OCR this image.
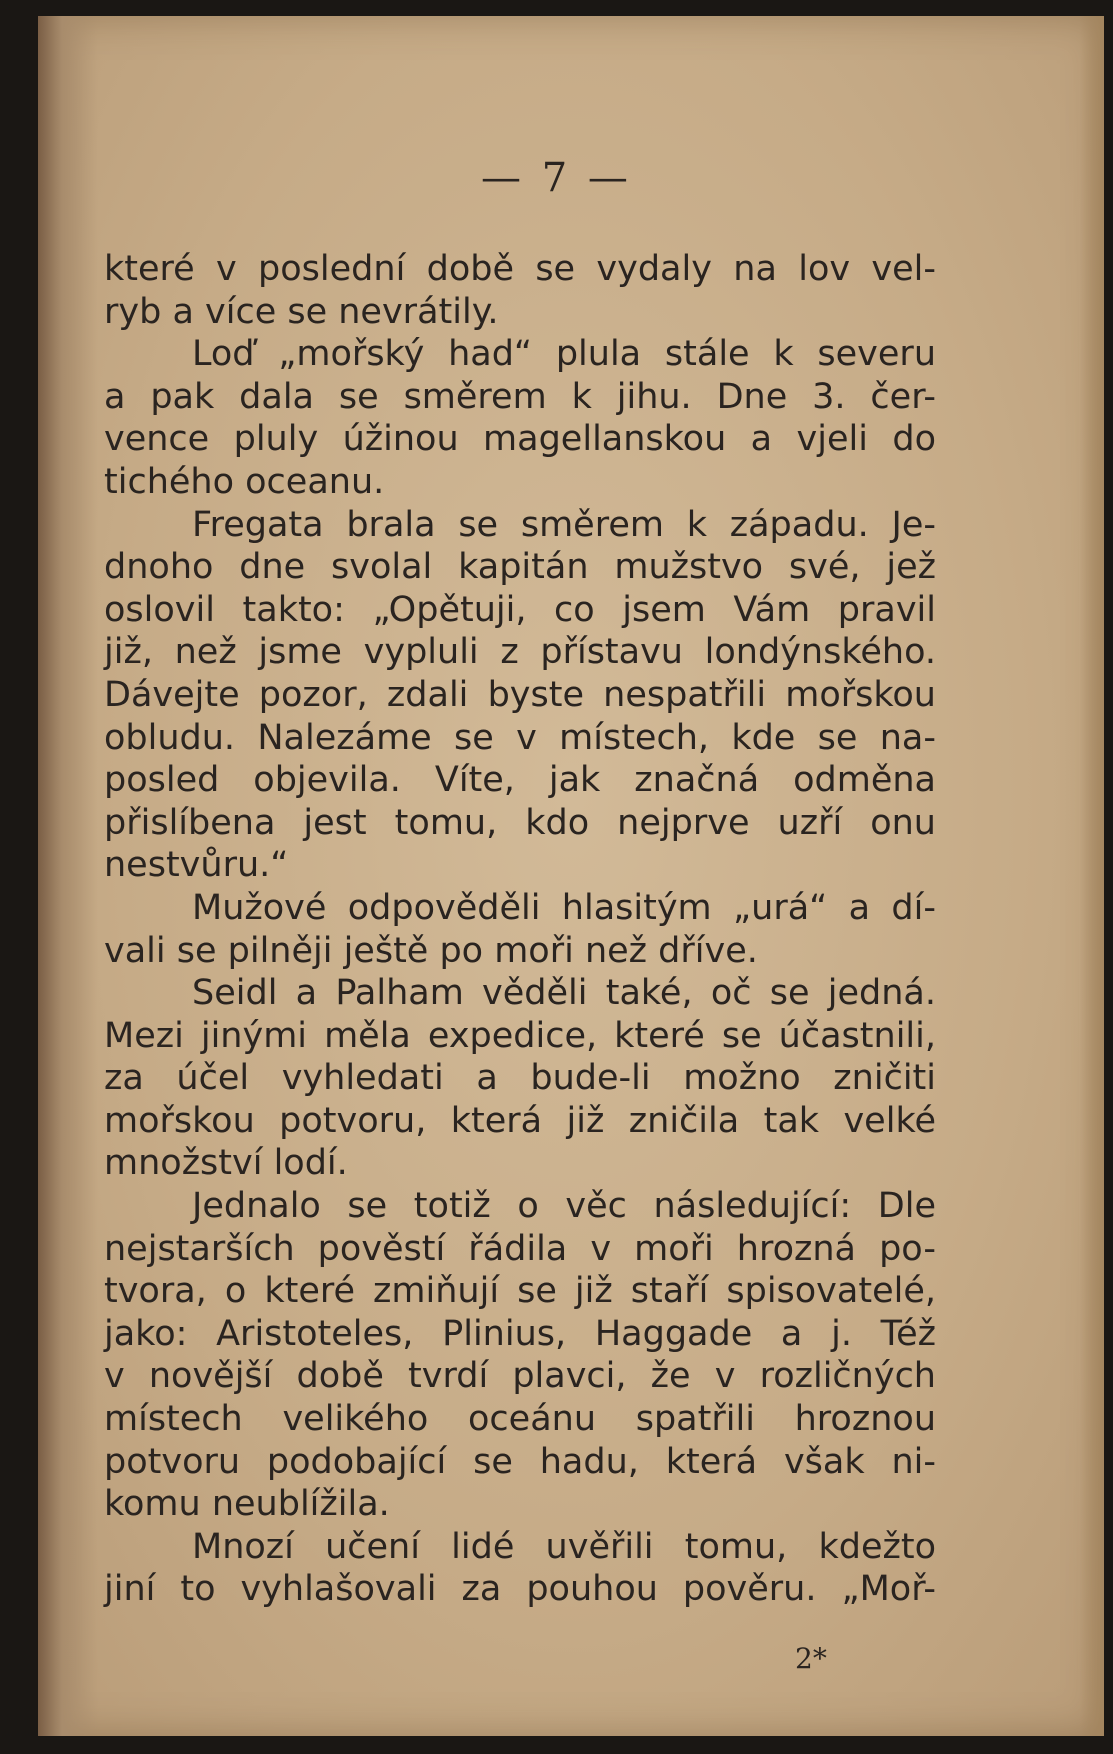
— 7 —
které v poslední době se vydaly na lov vel-
ryb a více se nevrátily.
Loď „mořský had“ plula stále k severu
a pak dala se směrem k jihu. Dne 3. čer-
vence pluly úžinou magellanskou a vjeli do
tichého oceanu.
Fregata brala se směrem k západu. Je-
dnoho dne svolal kapitán mužstvo své, jež
oslovil takto: „Opětuji, co jsem Vám pravil
již, než jsme vypluli z přístavu londýnského.
Dávejte pozor, zdali byste nespatřili mořskou
obludu. Nalezáme se v místech, kde se na-
posled objevila. Víte, jak značná odměna
přislíbena jest tomu, kdo nejprve uzří onu
nestvůru.“
Mužové odpověděli hlasitým „urá“ a dí-
vali se pilněji ještě po moři než dříve.
Seidl a Palham věděli také, oč se jedná.
Mezi jinými měla expedice, které se účastnili,
za účel vyhledati a bude-li možno zničiti
mořskou potvoru, která již zničila tak velké
množství lodí.
Jednalo se totiž o věc následující: Dle
nejstarších pověstí řádila v moři hrozná po-
tvora, o které zmiňují se již staří spisovatelé,
jako: Aristoteles, Plinius, Haggade a j. Též
v novější době tvrdí plavci, že v rozličných
místech velikého oceánu spatřili hroznou
potvoru podobající se hadu, která však ni-
komu neublížila.
Mnozí učení lidé uvěřili tomu, kdežto
jiní to vyhlašovali za pouhou pověru. „Moř-
2*
